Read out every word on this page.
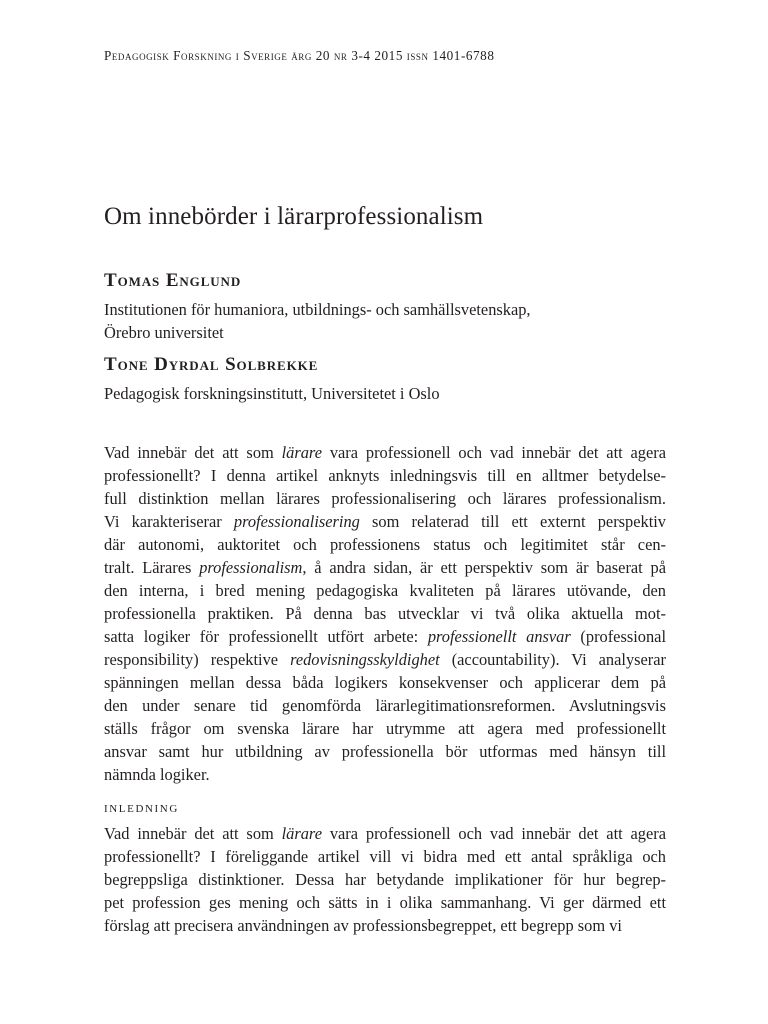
Pedagogisk Forskning i Sverige årg 20 nr 3-4 2015 issn 1401-6788
Om innebörder i lärarprofessionalism
Tomas Englund
Institutionen för humaniora, utbildnings- och samhällsvetenskap,
Örebro universitet
Tone Dyrdal Solbrekke
Pedagogisk forskningsinstitutt, Universitetet i Oslo
Vad innebär det att som lärare vara professionell och vad innebär det att agera
professionellt? I denna artikel anknyts inledningsvis till en alltmer betydelse-
full distinktion mellan lärares professionalisering och lärares professionalism.
Vi karakteriserar professionalisering som relaterad till ett externt perspektiv
där autonomi, auktoritet och professionens status och legitimitet står cen-
tralt. Lärares professionalism, å andra sidan, är ett perspektiv som är baserat på
den interna, i bred mening pedagogiska kvaliteten på lärares utövande, den
professionella praktiken. På denna bas utvecklar vi två olika aktuella mot-
satta logiker för professionellt utfört arbete: professionellt ansvar (professional
responsibility) respektive redovisningsskyldighet (accountability). Vi analyserar
spänningen mellan dessa båda logikers konsekvenser och applicerar dem på
den under senare tid genomförda lärarlegitimationsreformen. Avslutningsvis
ställs frågor om svenska lärare har utrymme att agera med professionellt
ansvar samt hur utbildning av professionella bör utformas med hänsyn till
nämnda logiker.
inledning
Vad innebär det att som lärare vara professionell och vad innebär det att agera
professionellt? I föreliggande artikel vill vi bidra med ett antal språkliga och
begreppsliga distinktioner. Dessa har betydande implikationer för hur begrep-
pet profession ges mening och sätts in i olika sammanhang. Vi ger därmed ett
förslag att precisera användningen av professionsbegreppet, ett begrepp som vi
